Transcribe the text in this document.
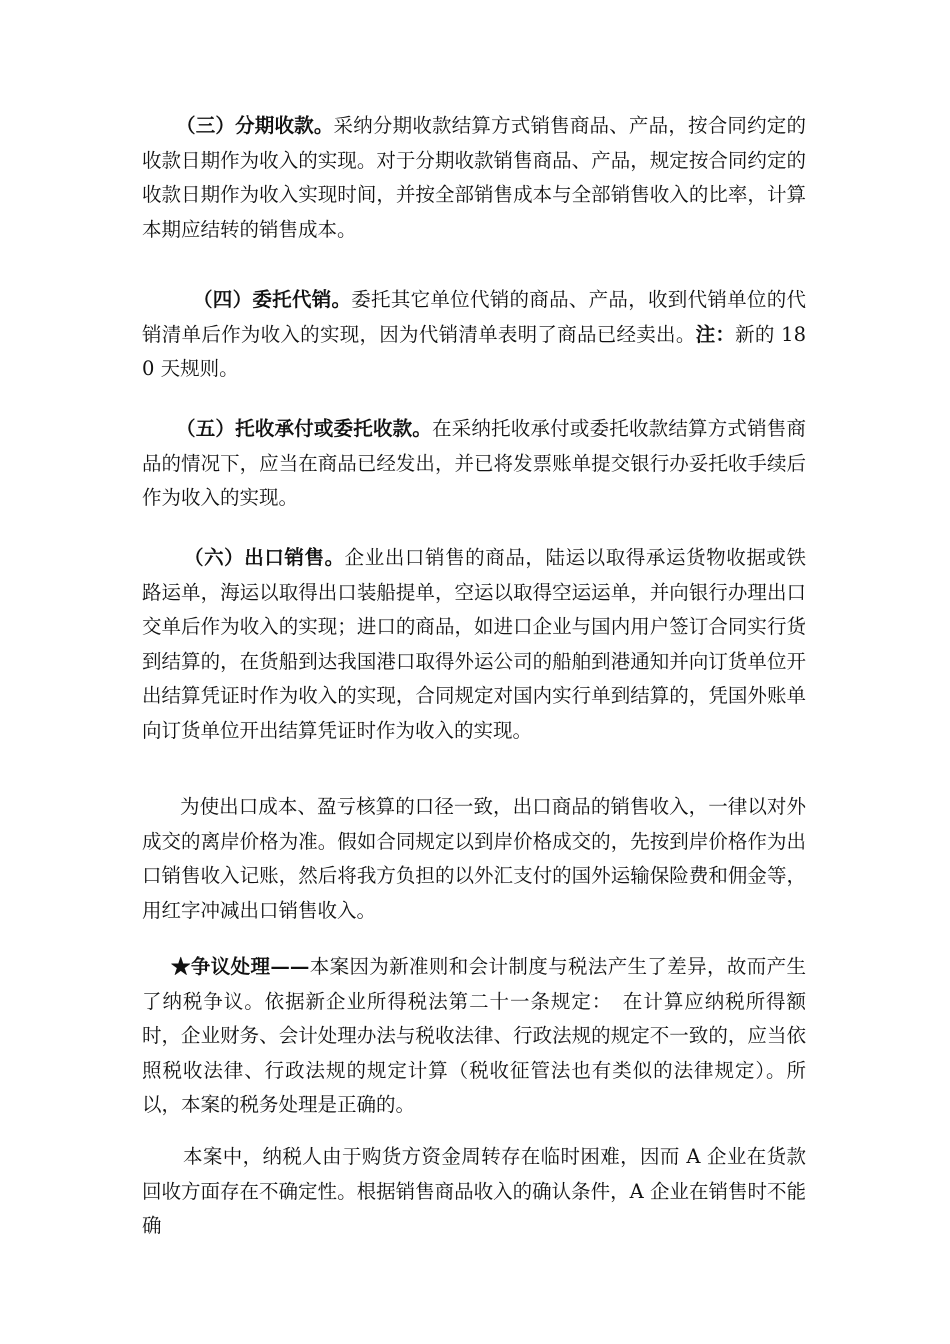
（三）分期收款。采纳分期收款结算方式销售商品、产品，按合同约定的收款日期作为收入的实现。对于分期收款销售商品、产品，规定按合同约定的收款日期作为收入实现时间，并按全部销售成本与全部销售收入的比率，计算本期应结转的销售成本。

（四）委托代销。委托其它单位代销的商品、产品，收到代销单位的代销清单后作为收入的实现，因为代销清单表明了商品已经卖出。注：新的 180 天规则。

（五）托收承付或委托收款。在采纳托收承付或委托收款结算方式销售商品的情况下，应当在商品已经发出，并已将发票账单提交银行办妥托收手续后作为收入的实现。

（六）出口销售。企业出口销售的商品，陆运以取得承运货物收据或铁路运单，海运以取得出口装船提单，空运以取得空运运单，并向银行办理出口交单后作为收入的实现；进口的商品，如进口企业与国内用户签订合同实行货到结算的，在货船到达我国港口取得外运公司的船舶到港通知并向订货单位开出结算凭证时作为收入的实现，合同规定对国内实行单到结算的，凭国外账单向订货单位开出结算凭证时作为收入的实现。

为使出口成本、盈亏核算的口径一致，出口商品的销售收入，一律以对外成交的离岸价格为准。假如合同规定以到岸价格成交的，先按到岸价格作为出口销售收入记账，然后将我方负担的以外汇支付的国外运输保险费和佣金等，用红字冲减出口销售收入。

★争议处理——本案因为新准则和会计制度与税法产生了差异，故而产生了纳税争议。依据新企业所得税法第二十一条规定：　在计算应纳税所得额时，企业财务、会计处理办法与税收法律、行政法规的规定不一致的，应当依照税收法律、行政法规的规定计算（税收征管法也有类似的法律规定）。所以，本案的税务处理是正确的。

本案中，纳税人由于购货方资金周转存在临时困难，因而 A 企业在货款回收方面存在不确定性。根据销售商品收入的确认条件，A 企业在销售时不能确
